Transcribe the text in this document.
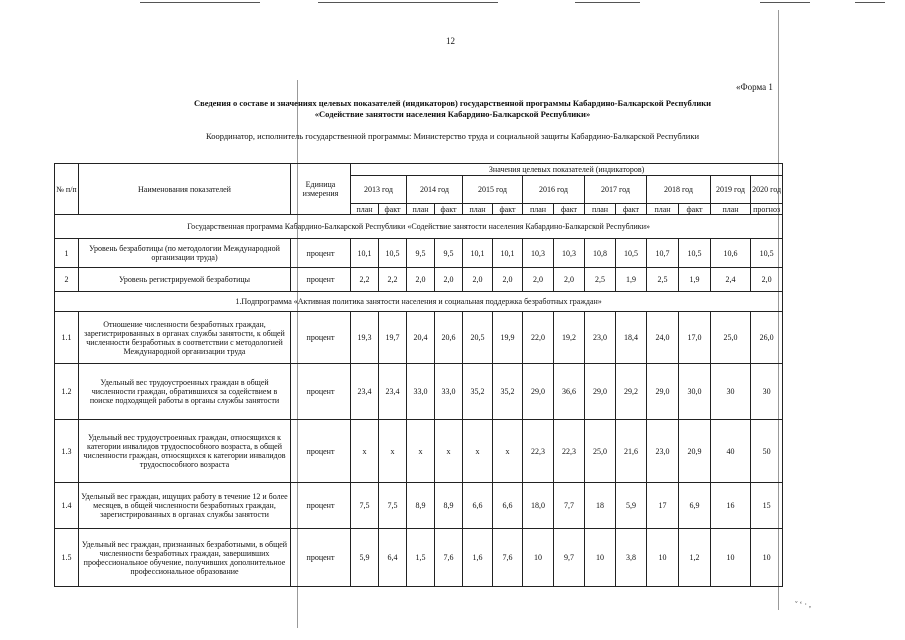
12
«Форма 1
Сведения о составе и значениях целевых показателей (индикаторов) государственной программы Кабардино-Балкарской Республики
«Содействие занятости населения Кабардино-Балкарской Республики»
Координатор, исполнитель государственной программы: Министерство труда и социальной защиты Кабардино-Балкарской Республики
№ п/п	Наименования показателей	Единица измерения	Значения целевых показателей (индикаторов)													
			2013 год		2014 год		2015 год		2016 год		2017 год		2018 год		2019 год	2020 год
			план	факт	план	факт	план	факт	план	факт	план	факт	план	факт	план	прогноз
Государственная программа Кабардино-Балкарской Республики «Содействие занятости населения Кабардино-Балкарской Республики»																
1	Уровень безработицы (по методологии Международной организации труда)	процент	10,1	10,5	9,5	9,5	10,1	10,1	10,3	10,3	10,8	10,5	10,7	10,5	10,6	10,5
2	Уровень регистрируемой безработицы	процент	2,2	2,2	2,0	2,0	2,0	2,0	2,0	2,0	2,5	1,9	2,5	1,9	2,4	2,0
1.Подпрограмма «Активная политика занятости населения и социальная поддержка безработных граждан»																
1.1	Отношение численности безработных граждан, зарегистрированных в органах службы занятости, к общей численности безработных в соответствии с методологией Международной организации труда	процент	19,3	19,7	20,4	20,6	20,5	19,9	22,0	19,2	23,0	18,4	24,0	17,0	25,0	26,0
1.2	Удельный вес трудоустроенных граждан в общей численности граждан, обратившихся за содействием в поиске подходящей работы в органы службы занятости	процент	23,4	23,4	33,0	33,0	35,2	35,2	29,0	36,6	29,0	29,2	29,0	30,0	30	30
1.3	Удельный вес трудоустроенных граждан, относящихся к категории инвалидов трудоспособного возраста, в общей численности граждан, относящихся к категории инвалидов трудоспособного возраста	процент	х	х	х	х	х	х	22,3	22,3	25,0	21,6	23,0	20,9	40	50
1.4	Удельный вес граждан, ищущих работу в течение 12 и более месяцев, в общей численности безработных граждан, зарегистрированных в органах службы занятости	процент	7,5	7,5	8,9	8,9	6,6	6,6	18,0	7,7	18	5,9	17	6,9	16	15
1.5	Удельный вес граждан, признанных безработными, в общей численности безработных граждан, завершивших профессиональное обучение, получивших дополнительное профессиональное образование	процент	5,9	6,4	1,5	7,6	1,6	7,6	10	9,7	10	3,8	10	1,2	10	10
ˇ ʻ · ,
